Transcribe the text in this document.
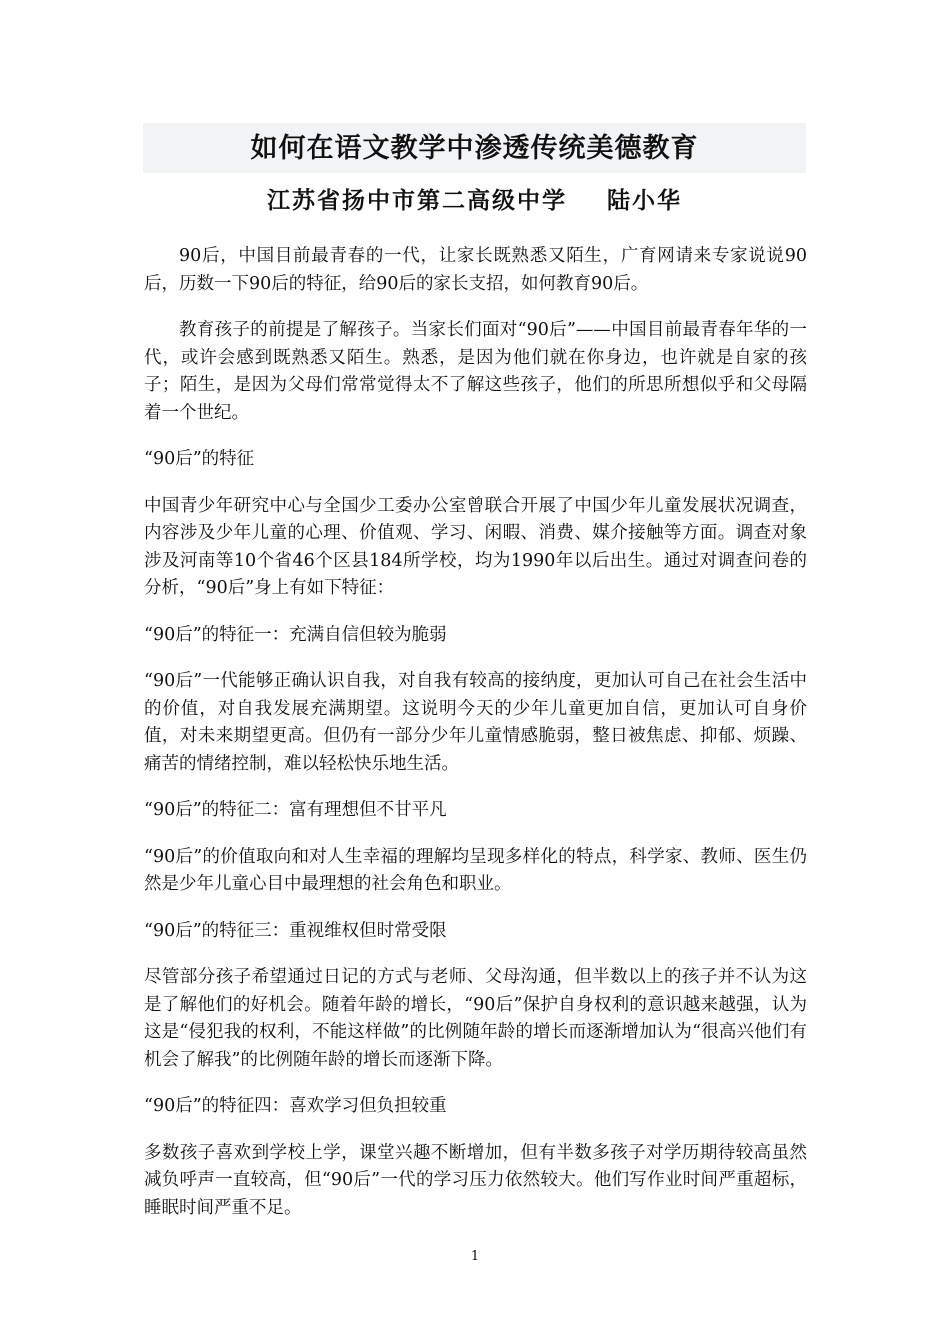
如何在语文教学中渗透传统美德教育
江苏省扬中市第二高级中学 陆小华

90后，中国目前最青春的一代，让家长既熟悉又陌生，广育网请来专家说说90后，历数一下90后的特征，给90后的家长支招，如何教育90后。

教育孩子的前提是了解孩子。当家长们面对“90后”——中国目前最青春年华的一代，或许会感到既熟悉又陌生。熟悉，是因为他们就在你身边，也许就是自家的孩子；陌生，是因为父母们常常觉得太不了解这些孩子，他们的所思所想似乎和父母隔着一个世纪。

“90后”的特征

中国青少年研究中心与全国少工委办公室曾联合开展了中国少年儿童发展状况调查，内容涉及少年儿童的心理、价值观、学习、闲暇、消费、媒介接触等方面。调查对象涉及河南等10个省46个区县184所学校，均为1990年以后出生。通过对调查问卷的分析，“90后”身上有如下特征：

“90后”的特征一：充满自信但较为脆弱

“90后”一代能够正确认识自我，对自我有较高的接纳度，更加认可自己在社会生活中的价值，对自我发展充满期望。这说明今天的少年儿童更加自信，更加认可自身价值，对未来期望更高。但仍有一部分少年儿童情感脆弱，整日被焦虑、抑郁、烦躁、痛苦的情绪控制，难以轻松快乐地生活。

“90后”的特征二：富有理想但不甘平凡

“90后”的价值取向和对人生幸福的理解均呈现多样化的特点，科学家、教师、医生仍然是少年儿童心目中最理想的社会角色和职业。

“90后”的特征三：重视维权但时常受限

尽管部分孩子希望通过日记的方式与老师、父母沟通，但半数以上的孩子并不认为这是了解他们的好机会。随着年龄的增长，“90后”保护自身权利的意识越来越强，认为这是“侵犯我的权利，不能这样做”的比例随年龄的增长而逐渐增加认为“很高兴他们有机会了解我”的比例随年龄的增长而逐渐下降。

“90后”的特征四：喜欢学习但负担较重

多数孩子喜欢到学校上学，课堂兴趣不断增加，但有半数多孩子对学历期待较高虽然减负呼声一直较高，但“90后”一代的学习压力依然较大。他们写作业时间严重超标，睡眠时间严重不足。

1
